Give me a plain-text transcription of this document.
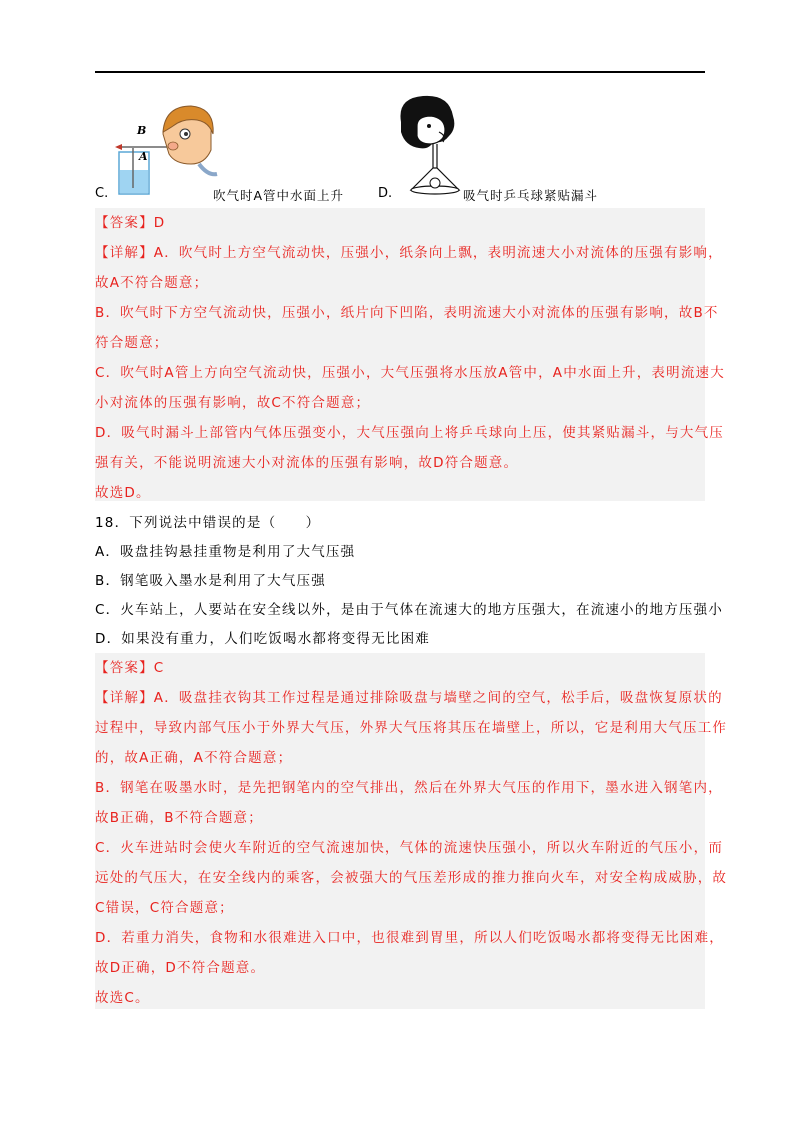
C.
B
A
吹气时A管中水面上升	D.	吸气时乒乓球紧贴漏斗
【答案】D
【详解】A．吹气时上方空气流动快，压强小，纸条向上飘，表明流速大小对流体的压强有影响，
故A不符合题意；
B．吹气时下方空气流动快，压强小，纸片向下凹陷，表明流速大小对流体的压强有影响，故B不
符合题意；
C．吹气时A管上方向空气流动快，压强小，大气压强将水压放A管中，A中水面上升，表明流速大
小对流体的压强有影响，故C不符合题意；
D．吸气时漏斗上部管内气体压强变小，大气压强向上将乒乓球向上压，使其紧贴漏斗，与大气压
强有关，不能说明流速大小对流体的压强有影响，故D符合题意。
故选D。
18．下列说法中错误的是（　　）
A．吸盘挂钩悬挂重物是利用了大气压强
B．钢笔吸入墨水是利用了大气压强
C．火车站上，人要站在安全线以外，是由于气体在流速大的地方压强大，在流速小的地方压强小
D．如果没有重力，人们吃饭喝水都将变得无比困难
【答案】C
【详解】A．吸盘挂衣钩其工作过程是通过排除吸盘与墙壁之间的空气，松手后，吸盘恢复原状的
过程中，导致内部气压小于外界大气压，外界大气压将其压在墙壁上，所以，它是利用大气压工作
的，故A正确，A不符合题意；
B．钢笔在吸墨水时，是先把钢笔内的空气排出，然后在外界大气压的作用下，墨水进入钢笔内，
故B正确，B不符合题意；
C．火车进站时会使火车附近的空气流速加快，气体的流速快压强小，所以火车附近的气压小，而
远处的气压大，在安全线内的乘客，会被强大的气压差形成的推力推向火车，对安全构成威胁，故
C错误，C符合题意；
D．若重力消失，食物和水很难进入口中，也很难到胃里，所以人们吃饭喝水都将变得无比困难，
故D正确，D不符合题意。
故选C。
